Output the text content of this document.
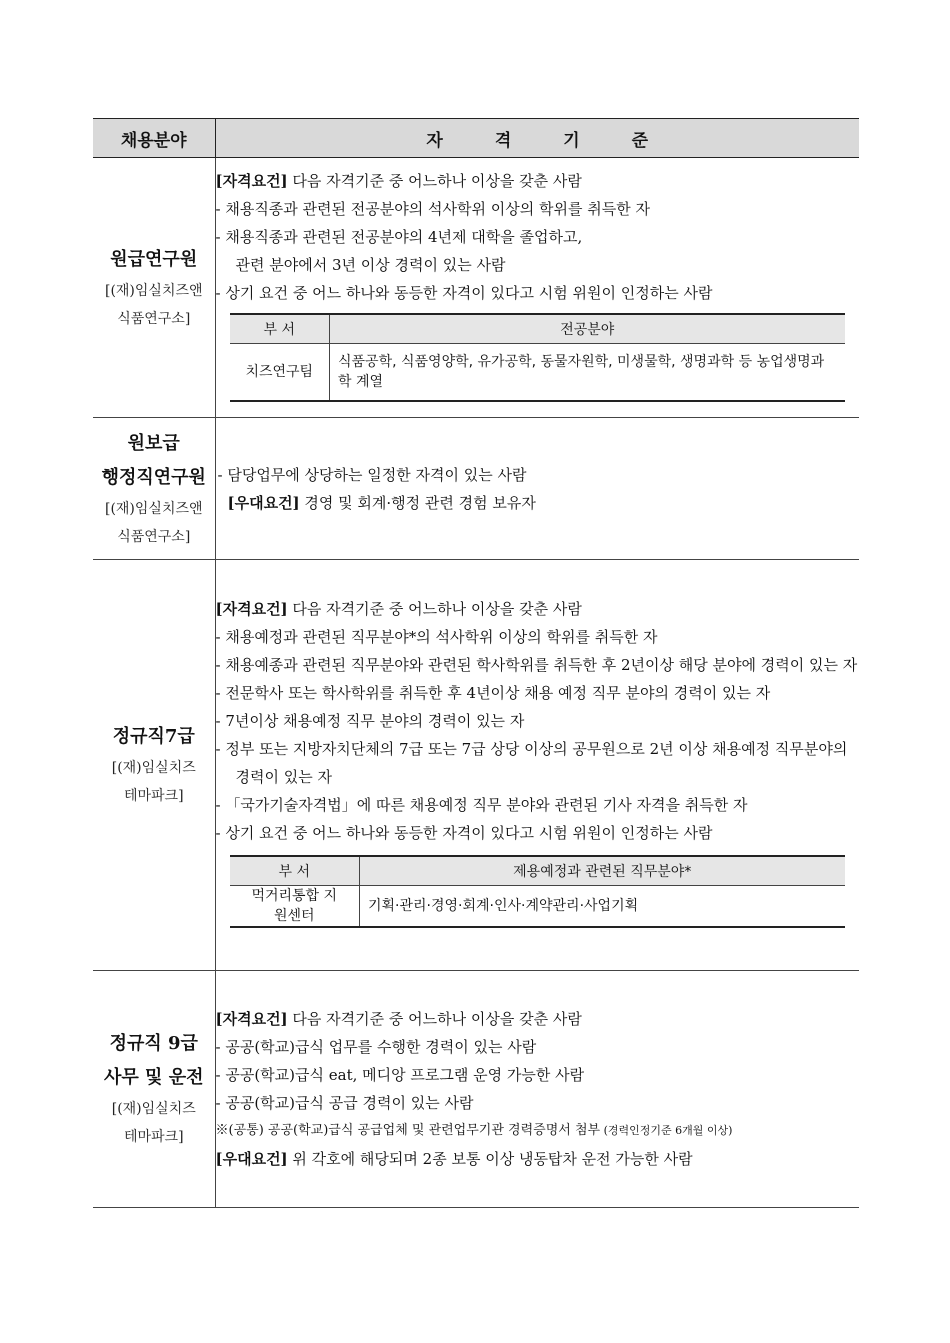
채용분야	자격기준

원급연구원
[(재)임실치즈앤
식품연구소]

[자격요건] 다음 자격기준 중 어느하나 이상을 갖춘 사람
- 채용직종과 관련된 전공분야의 석사학위 이상의 학위를 취득한 자
- 채용직종과 관련된 전공분야의 4년제 대학을 졸업하고,
관련 분야에서 3년 이상 경력이 있는 사람
- 상기 요건 중 어느 하나와 동등한 자격이 있다고 시험 위원이 인정하는 사람
부 서	전공분야
치즈연구팀	식품공학, 식품영양학, 유가공학, 동물자원학, 미생물학, 생명과학 등 농업생명과학 계열

원보급
행정직연구원
[(재)임실치즈앤
식품연구소]

- 담당업무에 상당하는 일정한 자격이 있는 사람
[우대요건] 경영 및 회계·행정 관련 경험 보유자

정규직7급
[(재)임실치즈
테마파크]

[자격요건] 다음 자격기준 중 어느하나 이상을 갖춘 사람
- 채용예정과 관련된 직무분야*의 석사학위 이상의 학위를 취득한 자
- 채용예종과 관련된 직무분야와 관련된 학사학위를 취득한 후 2년이상 해당 분야에 경력이 있는 자
- 전문학사 또는 학사학위를 취득한 후 4년이상 채용 예정 직무 분야의 경력이 있는 자
- 7년이상 채용예정 직무 분야의 경력이 있는 자
- 정부 또는 지방자치단체의 7급 또는 7급 상당 이상의 공무원으로 2년 이상 채용예정 직무분야의 경력이 있는 자
- 「국가기술자격법」에 따른 채용예정 직무 분야와 관련된 기사 자격을 취득한 자
- 상기 요건 중 어느 하나와 동등한 자격이 있다고 시험 위원이 인정하는 사람
부 서	제용예정과 관련된 직무분야*
먹거리통합 지원센터	기획·관리·경영·회계·인사·계약관리·사업기획

정규직 9급
사무 및 운전
[(재)임실치즈
테마파크]

[자격요건] 다음 자격기준 중 어느하나 이상을 갖춘 사람
- 공공(학교)급식 업무를 수행한 경력이 있는 사람
- 공공(학교)급식 eat, 메디앙 프로그램 운영 가능한 사람
- 공공(학교)급식 공급 경력이 있는 사람
※(공통) 공공(학교)급식 공급업체 및 관련업무기관 경력증명서 첨부 (경력인정기준 6개월 이상)
[우대요건] 위 각호에 해당되며 2종 보통 이상 냉동탑차 운전 가능한 사람
